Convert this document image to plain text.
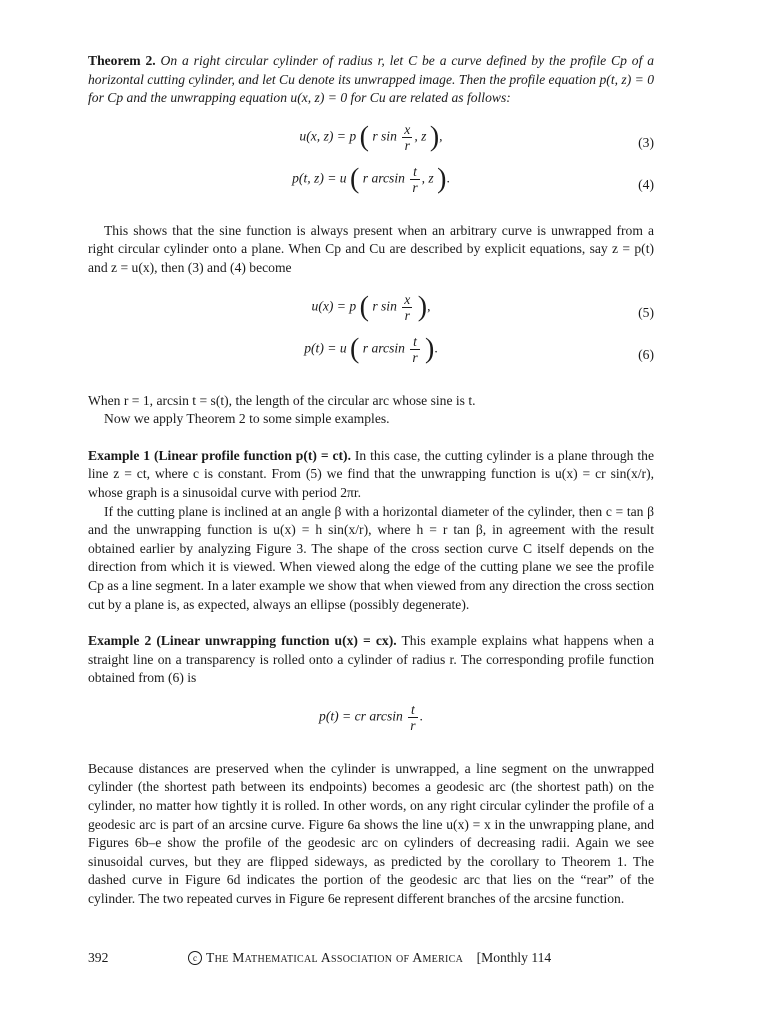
Theorem 2. On a right circular cylinder of radius r, let C be a curve defined by the profile Cp of a horizontal cutting cylinder, and let Cu denote its unwrapped image. Then the profile equation p(t, z) = 0 for Cp and the unwrapping equation u(x, z) = 0 for Cu are related as follows:

u(x, z) = p ( r $\sin \frac{x}{r}$ , z ),	(3)
p(t, z) = u ( r $\arcsin \frac{t}{r}$ , z ).	(4)

This shows that the sine function is always present when an arbitrary curve is unwrapped from a right circular cylinder onto a plane. When Cp and Cu are described by explicit equations, say z = p(t) and z = u(x), then (3) and (4) become

u(x) = p ( r $\sin \frac{x}{r}$ ),	(5)
p(t) = u ( r $\arcsin \frac{t}{r}$ ).	(6)

When r = 1, arcsin t = s(t), the length of the circular arc whose sine is t.

Now we apply Theorem 2 to some simple examples.

Example 1 (Linear profile function p(t) = ct). In this case, the cutting cylinder is a plane through the line z = ct, where c is constant. From (5) we find that the unwrapping function is u(x) = cr sin(x/r), whose graph is a sinusoidal curve with period 2πr.

If the cutting plane is inclined at an angle β with a horizontal diameter of the cylinder, then c = tan β and the unwrapping function is u(x) = h sin(x/r), where h = r tan β, in agreement with the result obtained earlier by analyzing Figure 3. The shape of the cross section curve C itself depends on the direction from which it is viewed. When viewed along the edge of the cutting plane we see the profile Cp as a line segment. In a later example we show that when viewed from any direction the cross section cut by a plane is, as expected, always an ellipse (possibly degenerate).

Example 2 (Linear unwrapping function u(x) = cx). This example explains what happens when a straight line on a transparency is rolled onto a cylinder of radius r. The corresponding profile function obtained from (6) is

p(t) = cr $\arcsin \frac{t}{r}$ .

Because distances are preserved when the cylinder is unwrapped, a line segment on the unwrapped cylinder (the shortest path between its endpoints) becomes a geodesic arc (the shortest path) on the cylinder, no matter how tightly it is rolled. In other words, on any right circular cylinder the profile of a geodesic arc is part of an arcsine curve. Figure 6a shows the line u(x) = x in the unwrapping plane, and Figures 6b–e show the profile of the geodesic arc on cylinders of decreasing radii. Again we see sinusoidal curves, but they are flipped sideways, as predicted by the corollary to Theorem 1. The dashed curve in Figure 6d indicates the portion of the geodesic arc that lies on the “rear” of the cylinder. The two repeated curves in Figure 6e represent different branches of the arcsine function.

392	c The Mathematical Association of America [Monthly 114
